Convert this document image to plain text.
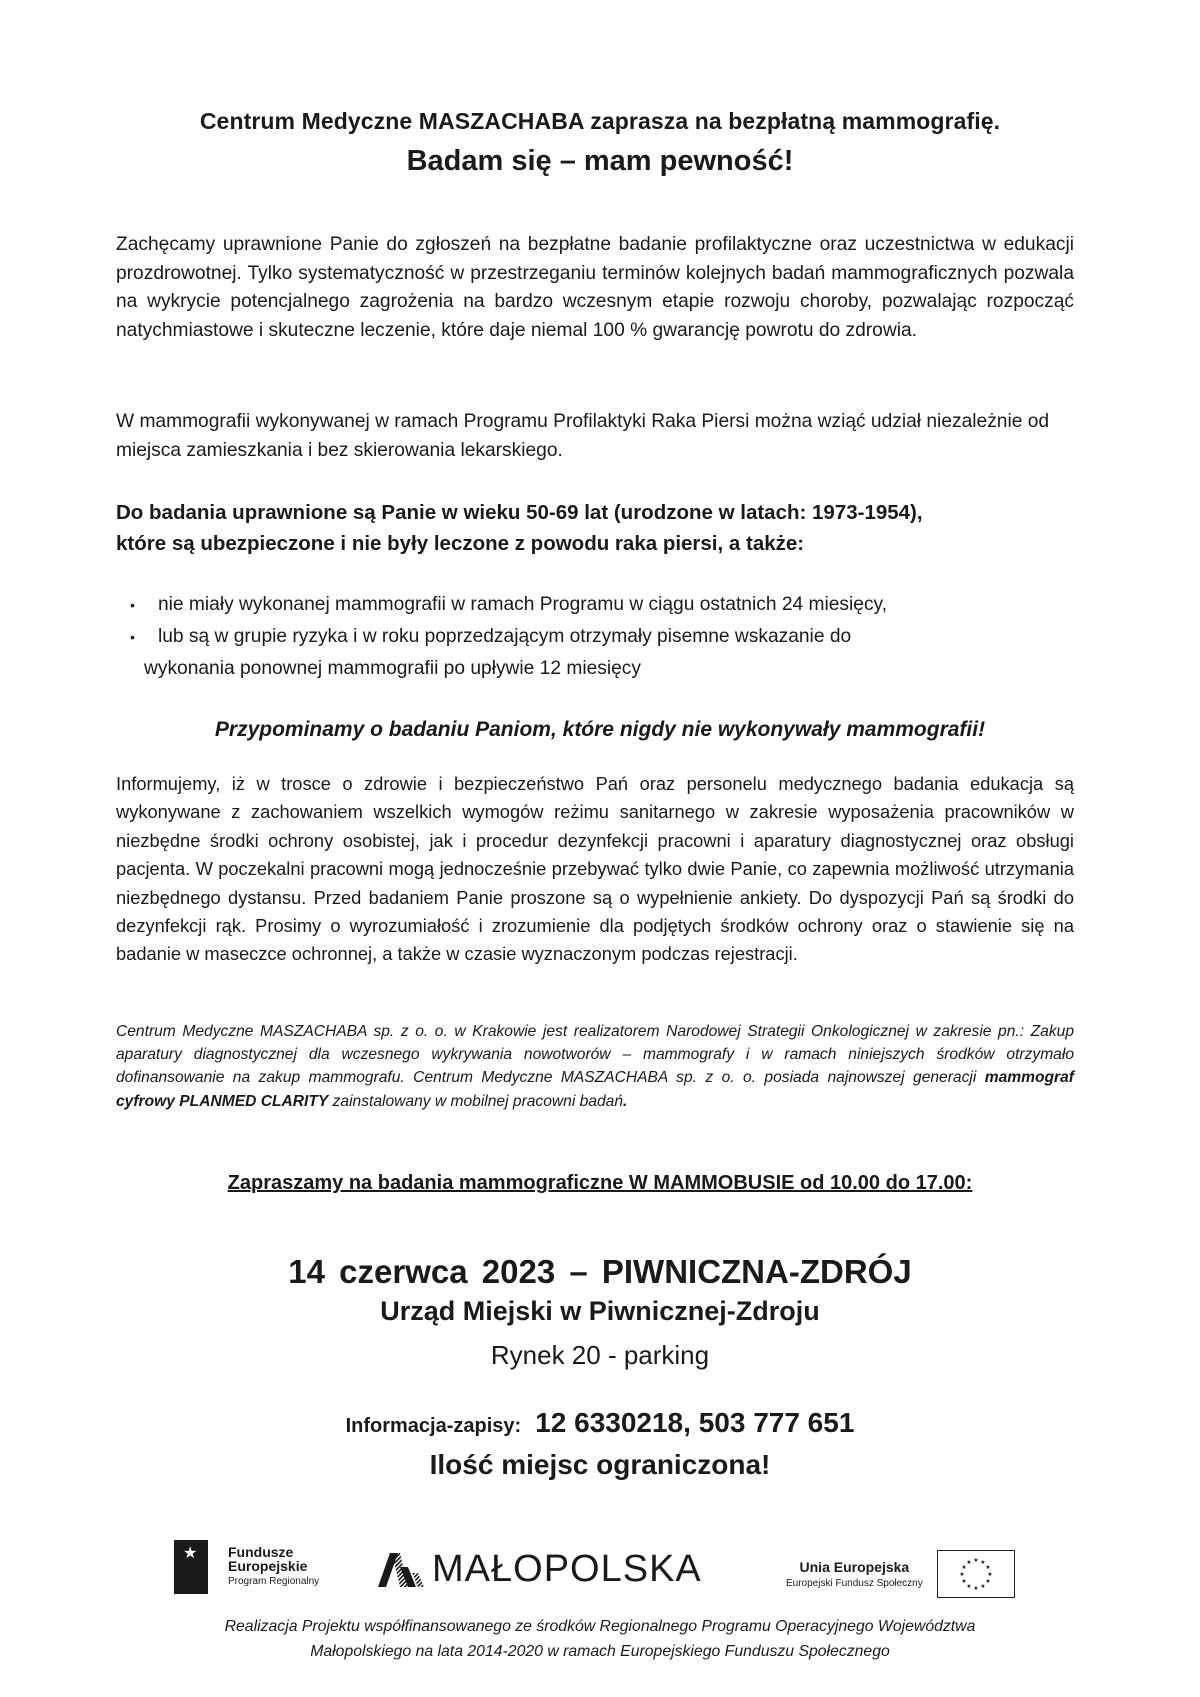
Centrum Medyczne MASZACHABA zaprasza na bezpłatną mammografię.
Badam się – mam pewność!
Zachęcamy uprawnione Panie do zgłoszeń na bezpłatne badanie profilaktyczne oraz uczestnictwa w edukacji prozdrowotnej. Tylko systematyczność w przestrzeganiu terminów kolejnych badań mammograficznych pozwala na wykrycie potencjalnego zagrożenia na bardzo wczesnym etapie rozwoju choroby, pozwalając rozpocząć natychmiastowe i skuteczne leczenie, które daje niemal 100 % gwarancję powrotu do zdrowia.
W mammografii wykonywanej w ramach Programu Profilaktyki Raka Piersi można wziąć udział niezależnie od miejsca zamieszkania i bez skierowania lekarskiego.
Do badania uprawnione są Panie w wieku 50-69 lat (urodzone w latach: 1973-1954),
które są ubezpieczone i nie były leczone z powodu raka piersi, a także:
•	nie miały wykonanej mammografii w ramach Programu w ciągu ostatnich 24 miesięcy,
•	lub są w grupie ryzyka i w roku poprzedzającym otrzymały pisemne wskazanie do
wykonania ponownej mammografii po upływie 12 miesięcy
Przypominamy o badaniu Paniom, które nigdy nie wykonywały mammografii!
Informujemy, iż w trosce o zdrowie i bezpieczeństwo Pań oraz personelu medycznego badania edukacja są wykonywane z zachowaniem wszelkich wymogów reżimu sanitarnego w zakresie wyposażenia pracowników w niezbędne środki ochrony osobistej, jak i procedur dezynfekcji pracowni i aparatury diagnostycznej oraz obsługi pacjenta. W poczekalni pracowni mogą jednocześnie przebywać tylko dwie Panie, co zapewnia możliwość utrzymania niezbędnego dystansu. Przed badaniem Panie proszone są o wypełnienie ankiety. Do dyspozycji Pań są środki do dezynfekcji rąk. Prosimy o wyrozumiałość i zrozumienie dla podjętych środków ochrony oraz o stawienie się na badanie w maseczce ochronnej, a także w czasie wyznaczonym podczas rejestracji.
Centrum Medyczne MASZACHABA sp. z o. o. w Krakowie jest realizatorem Narodowej Strategii Onkologicznej w zakresie pn.: Zakup aparatury diagnostycznej dla wczesnego wykrywania nowotworów – mammografy i w ramach niniejszych środków otrzymało dofinansowanie na zakup mammografu. Centrum Medyczne MASZACHABA sp. z o. o. posiada najnowszej generacji mammograf cyfrowy PLANMED CLARITY zainstalowany w mobilnej pracowni badań.
Zapraszamy na badania mammograficzne W MAMMOBUSIE od 10.00 do 17.00:
14 czerwca 2023 – PIWNICZNA-ZDRÓJ
Urząd Miejski w Piwnicznej-Zdroju
Rynek 20 - parking
Informacja-zapisy: 12 6330218, 503 777 651
Ilość miejsc ograniczona!
★ Fundusze
Europejskie
Program Regionalny	MAŁOPOLSKA	Unia Europejska
Europejski Fundusz Społeczny
★ ★
★
★
★
★
★
★
★
★
★
★
Realizacja Projektu współfinansowanego ze środków Regionalnego Programu Operacyjnego Województwa
Małopolskiego na lata 2014-2020 w ramach Europejskiego Funduszu Społecznego
